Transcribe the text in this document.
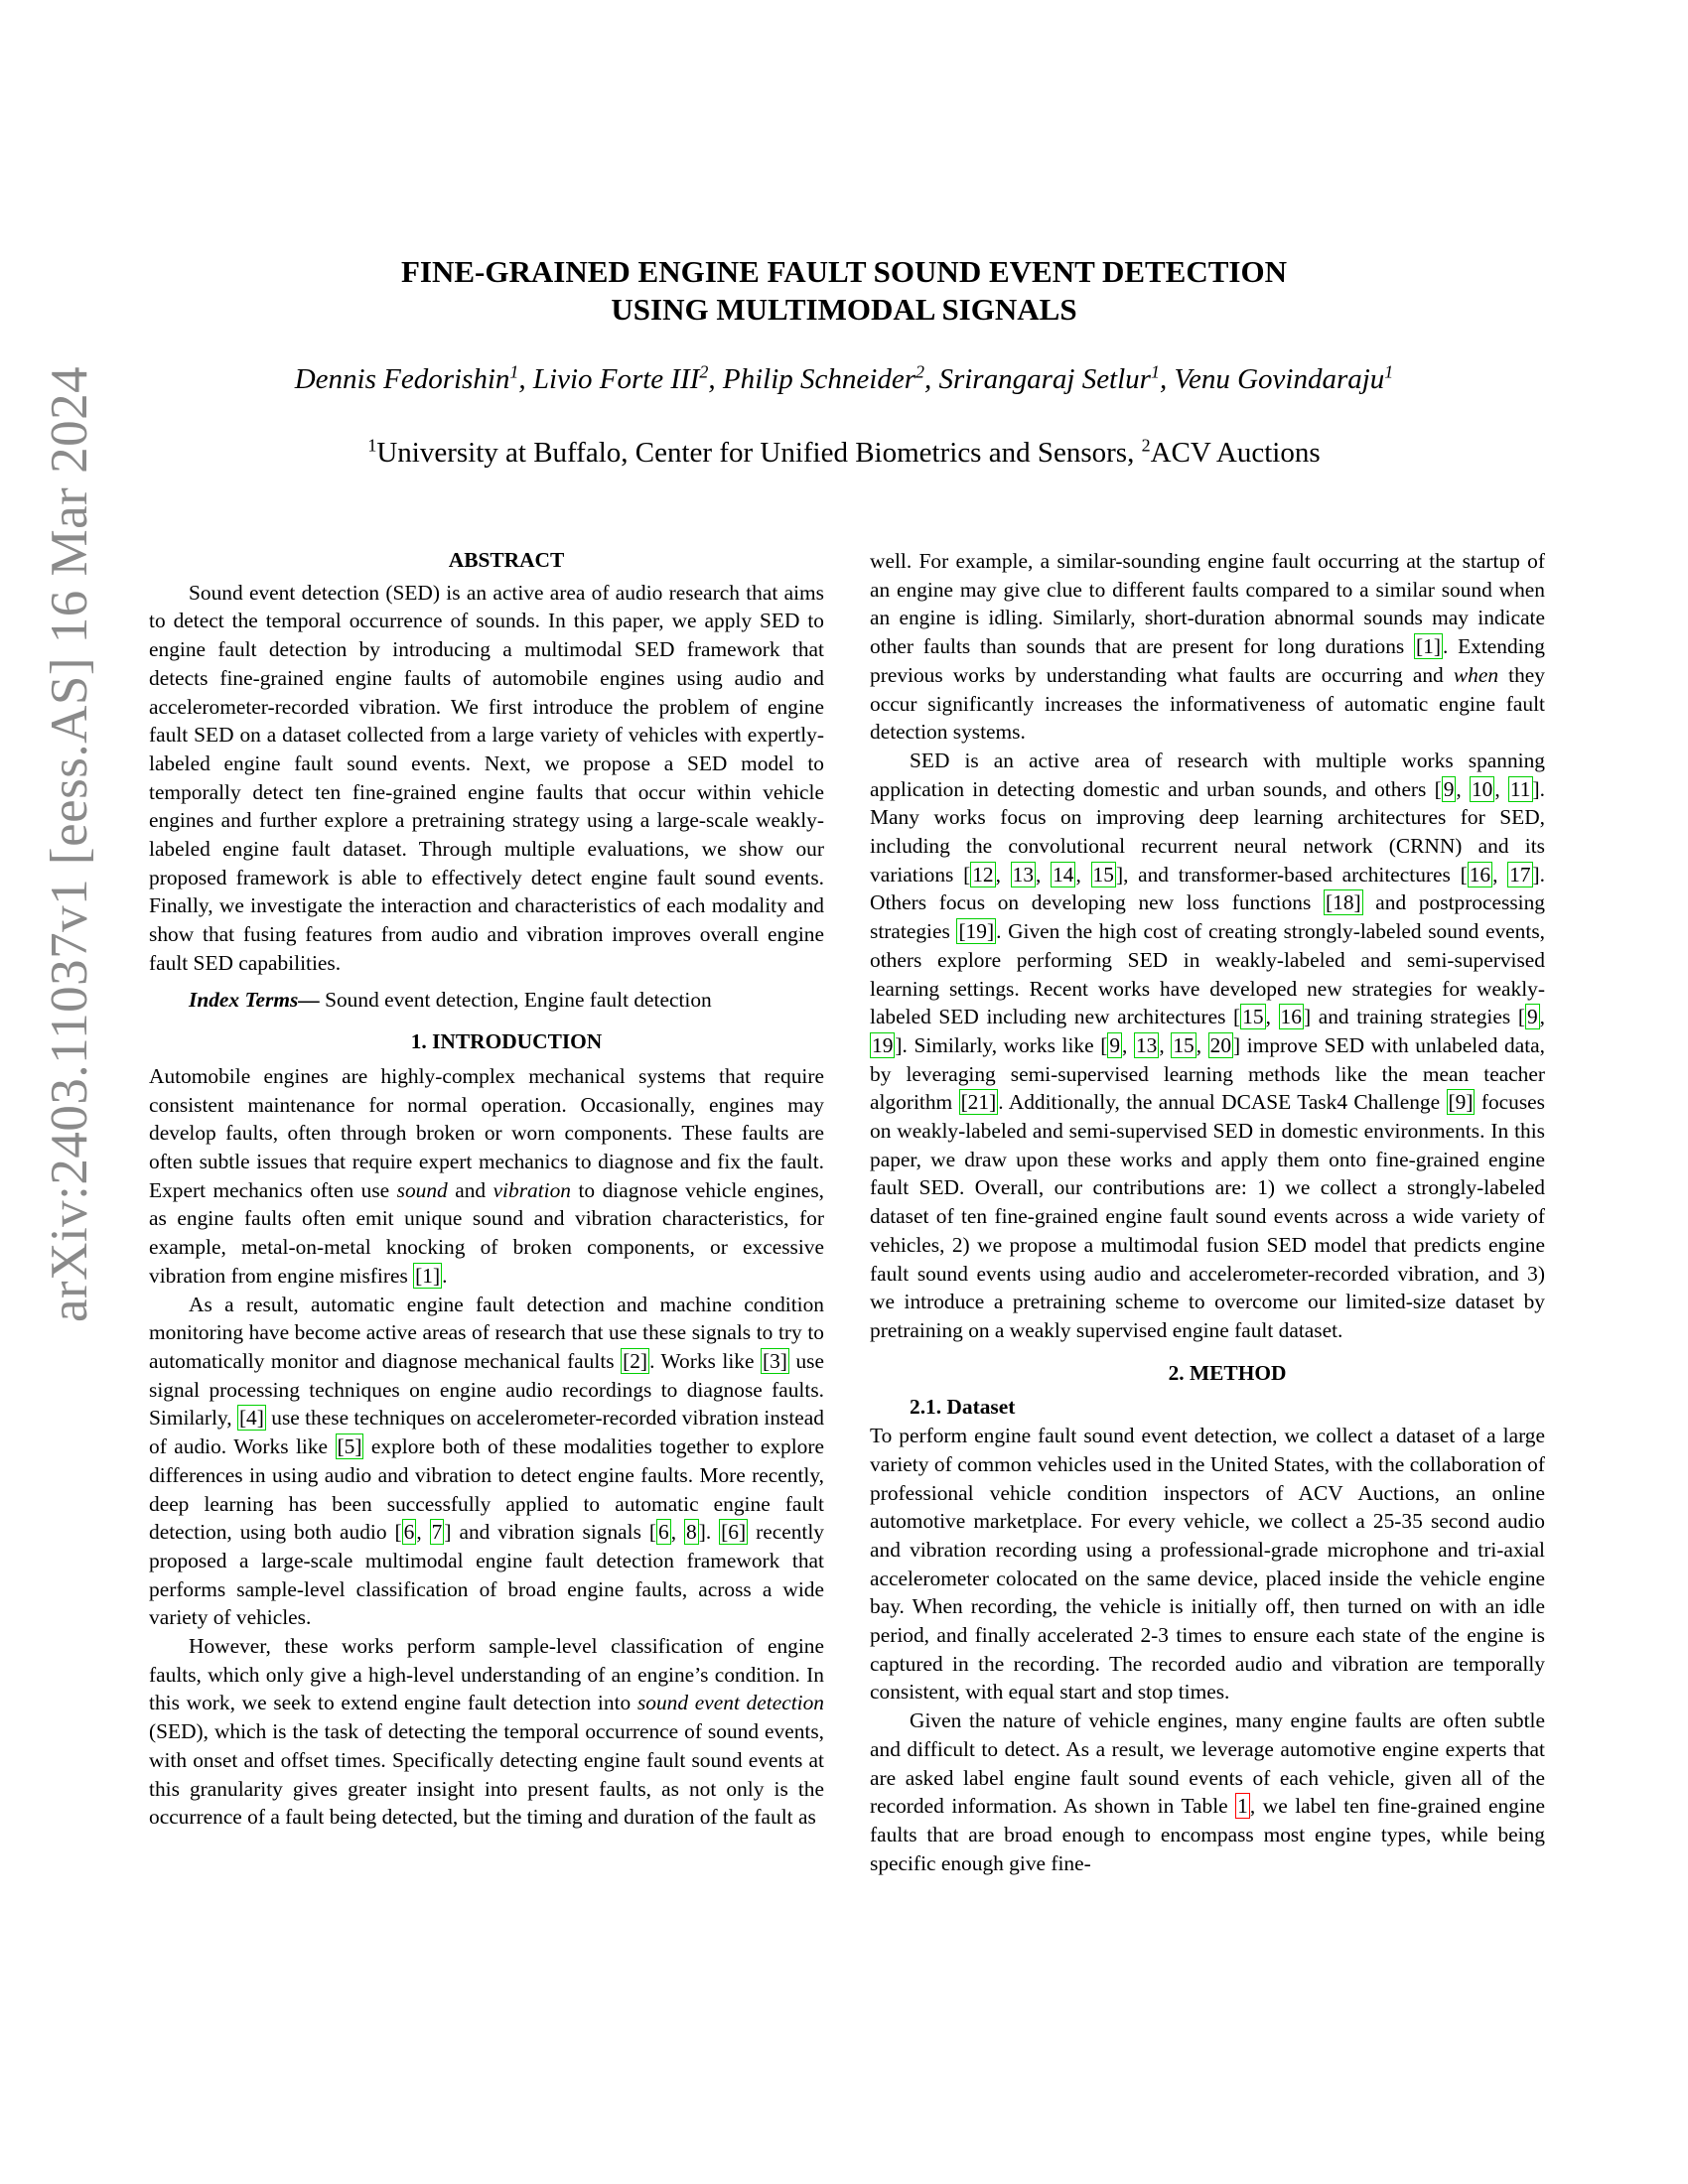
arXiv:2403.11037v1 [eess.AS] 16 Mar 2024
FINE-GRAINED ENGINE FAULT SOUND EVENT DETECTION
USING MULTIMODAL SIGNALS
Dennis Fedorishin$^1$, Livio Forte III$^2$, Philip Schneider$^2$, Srirangaraj Setlur$^1$, Venu Govindaraju$^1$
$^1$University at Buffalo, Center for Unified Biometrics and Sensors, $^2$ACV Auctions

ABSTRACT

Sound event detection (SED) is an active area of audio research that aims to detect the temporal occurrence of sounds. In this paper, we apply SED to engine fault detection by introducing a multimodal SED framework that detects fine-grained engine faults of automobile engines using audio and accelerometer-recorded vibration. We first introduce the problem of engine fault SED on a dataset collected from a large variety of vehicles with expertly-labeled engine fault sound events. Next, we propose a SED model to temporally detect ten fine-grained engine faults that occur within vehicle engines and further explore a pretraining strategy using a large-scale weakly-labeled engine fault dataset. Through multiple evaluations, we show our proposed framework is able to effectively detect engine fault sound events. Finally, we investigate the interaction and characteristics of each modality and show that fusing features from audio and vibration improves overall engine fault SED capabilities.

Index Terms— Sound event detection, Engine fault detection

1. INTRODUCTION

Automobile engines are highly-complex mechanical systems that require consistent maintenance for normal operation. Occasionally, engines may develop faults, often through broken or worn components. These faults are often subtle issues that require expert mechanics to diagnose and fix the fault. Expert mechanics often use sound and vibration to diagnose vehicle engines, as engine faults often emit unique sound and vibration characteristics, for example, metal-on-metal knocking of broken components, or excessive vibration from engine misfires [1].

As a result, automatic engine fault detection and machine condition monitoring have become active areas of research that use these signals to try to automatically monitor and diagnose mechanical faults [2]. Works like [3] use signal processing techniques on engine audio recordings to diagnose faults. Similarly, [4] use these techniques on accelerometer-recorded vibration instead of audio. Works like [5] explore both of these modalities together to explore differences in using audio and vibration to detect engine faults. More recently, deep learning has been successfully applied to automatic engine fault detection, using both audio [6, 7] and vibration signals [6, 8]. [6] recently proposed a large-scale multimodal engine fault detection framework that performs sample-level classification of broad engine faults, across a wide variety of vehicles.

However, these works perform sample-level classification of engine faults, which only give a high-level understanding of an engine’s condition. In this work, we seek to extend engine fault detection into sound event detection (SED), which is the task of detecting the temporal occurrence of sound events, with onset and offset times. Specifically detecting engine fault sound events at this granularity gives greater insight into present faults, as not only is the occurrence of a fault being detected, but the timing and duration of the fault as

well. For example, a similar-sounding engine fault occurring at the startup of an engine may give clue to different faults compared to a similar sound when an engine is idling. Similarly, short-duration abnormal sounds may indicate other faults than sounds that are present for long durations [1]. Extending previous works by understanding what faults are occurring and when they occur significantly increases the informativeness of automatic engine fault detection systems.

SED is an active area of research with multiple works spanning application in detecting domestic and urban sounds, and others [9, 10, 11]. Many works focus on improving deep learning architectures for SED, including the convolutional recurrent neural network (CRNN) and its variations [12, 13, 14, 15], and transformer-based architectures [16, 17]. Others focus on developing new loss functions [18] and postprocessing strategies [19]. Given the high cost of creating strongly-labeled sound events, others explore performing SED in weakly-labeled and semi-supervised learning settings. Recent works have developed new strategies for weakly-labeled SED including new architectures [15, 16] and training strategies [9, 19]. Similarly, works like [9, 13, 15, 20] improve SED with unlabeled data, by leveraging semi-supervised learning methods like the mean teacher algorithm [21]. Additionally, the annual DCASE Task4 Challenge [9] focuses on weakly-labeled and semi-supervised SED in domestic environments. In this paper, we draw upon these works and apply them onto fine-grained engine fault SED. Overall, our contributions are: 1) we collect a strongly-labeled dataset of ten fine-grained engine fault sound events across a wide variety of vehicles, 2) we propose a multimodal fusion SED model that predicts engine fault sound events using audio and accelerometer-recorded vibration, and 3) we introduce a pretraining scheme to overcome our limited-size dataset by pretraining on a weakly supervised engine fault dataset.

2. METHOD

2.1. Dataset

To perform engine fault sound event detection, we collect a dataset of a large variety of common vehicles used in the United States, with the collaboration of professional vehicle condition inspectors of ACV Auctions, an online automotive marketplace. For every vehicle, we collect a 25-35 second audio and vibration recording using a professional-grade microphone and tri-axial accelerometer colocated on the same device, placed inside the vehicle engine bay. When recording, the vehicle is initially off, then turned on with an idle period, and finally accelerated 2-3 times to ensure each state of the engine is captured in the recording. The recorded audio and vibration are temporally consistent, with equal start and stop times.

Given the nature of vehicle engines, many engine faults are often subtle and difficult to detect. As a result, we leverage automotive engine experts that are asked label engine fault sound events of each vehicle, given all of the recorded information. As shown in Table 1, we label ten fine-grained engine faults that are broad enough to encompass most engine types, while being specific enough give fine-
